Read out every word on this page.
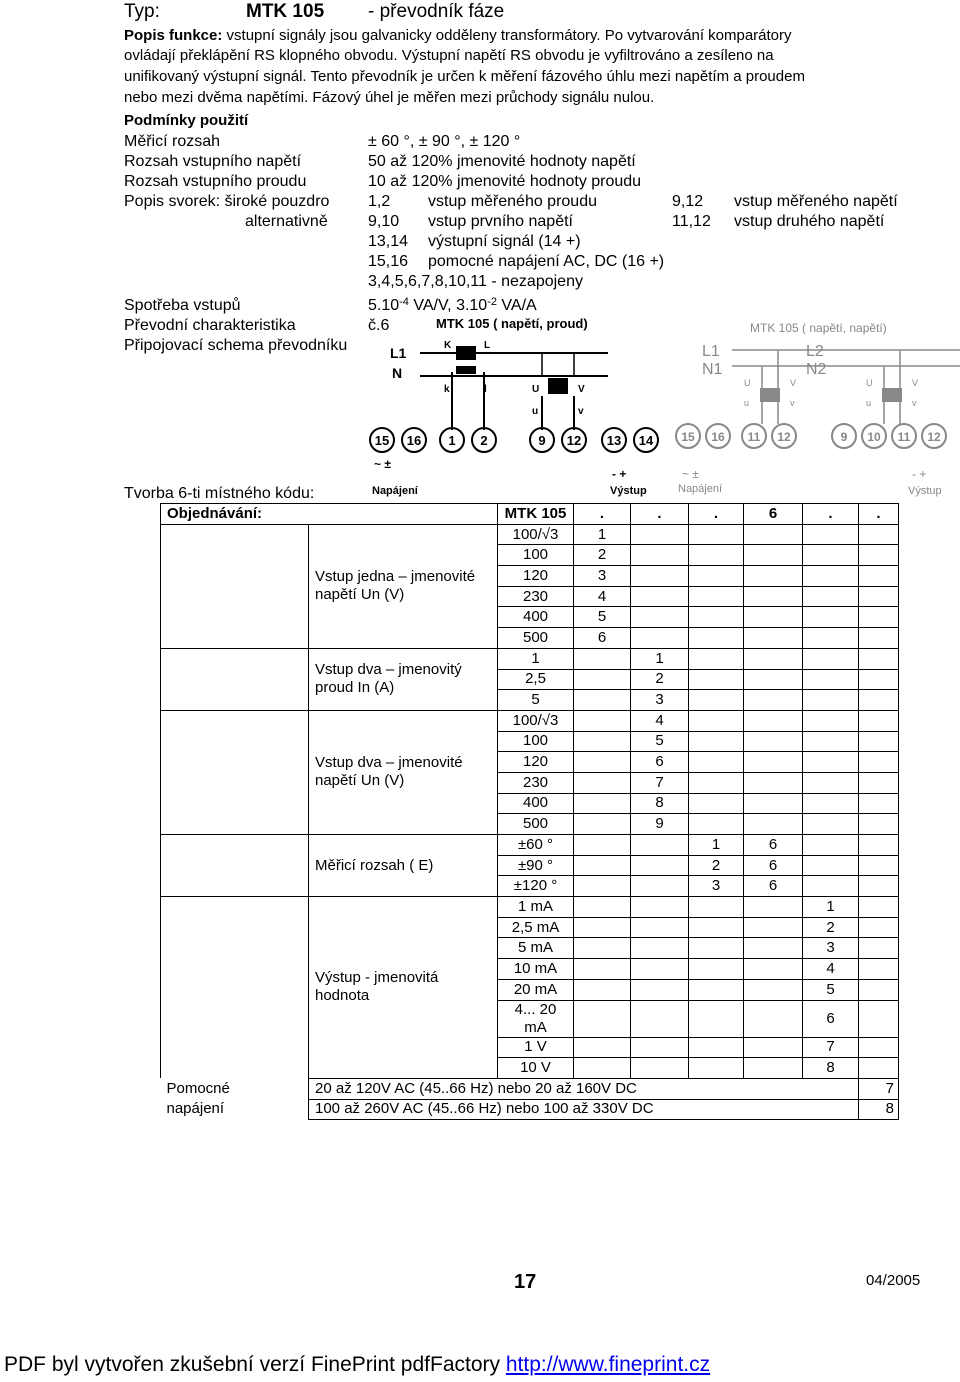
Typ:	MTK 105 - převodník fáze
Popis funkce: vstupní signály jsou galvanicky odděleny transformátory. Po vytvarování komparátory
ovládají překlápění RS klopného obvodu. Výstupní napětí RS obvodu je vyfiltrováno a zesíleno na
unifikovaný výstupní signál. Tento převodník je určen k měření fázového úhlu mezi napětím a proudem
nebo mezi dvěma napětími. Fázový úhel je měřen mezi průchody signálu nulou.
Podmínky použití
Měřicí rozsah	± 60 °, ± 90 °, ± 120 °
Rozsah vstupního napětí	50 až 120% jmenovité hodnoty napětí
Rozsah vstupního proudu	10 až 120% jmenovité hodnoty proudu
Popis svorek: široké pouzdro
alternativně
1,2 vstup měřeného proudu	9,12 vstup měřeného napětí
9,10 vstup prvního napětí	11,12 vstup druhého napětí
13,14 výstupní signál (14 +)
15,16 pomocné napájení AC, DC (16 +)
3,4,5,6,7,8,10,11 - nezapojeny
Spotřeba vstupů	$5.10^{-4}$ VA/V, $3.10^{-2}$ VA/A
Převodní charakteristika	č.6
Připojovací schema převodníku
MTK 105 ( napětí, proud)
L1
N
K	L
k	l	U	V
u	v
15 16 1 2	9 12 13 14
~ ±
Napájení
- +
Výstup
MTK 105 ( napětí, napětí)
L1
N1
L2
N2
U	V
u	v
U	V
u	v
15 16 11 12	9 10 11 12
~ ±
Napájení
- +
Výstup
Tvorba 6-ti místného kódu:
Objednávání:		MTK 105	.	.	.	6	.	.
	Vstup jedna – jmenovité napětí Un (V)	100/√3	1					
		100	2					
		120	3					
		230	4					
		400	5					
		500	6					
	Vstup dva – jmenovitý proud In (A)	1		1				
		2,5		2				
		5		3				
	Vstup dva – jmenovité napětí Un (V)	100/√3		4				
		100		5				
		120		6				
		230		7				
		400		8				
		500		9				
	Měřicí rozsah ( E)	±60 °			1	6		
		±90 °			2	6		
		±120 °			3	6		
	Výstup - jmenovitá hodnota	1 mA					1	
		2,5 mA					2	
		5 mA					3	
		10 mA					4	
		20 mA					5	
		4... 20 mA					6	
		1 V					7	
		10 V					8	
Pomocné	20 až 120V AC (45..66 Hz) nebo 20 až 160V DC							7
napájení	100 až 260V AC (45..66 Hz) nebo 100 až 330V DC							8
17	04/2005
PDF byl vytvořen zkušební verzí FinePrint pdfFactory http://www.fineprint.cz
